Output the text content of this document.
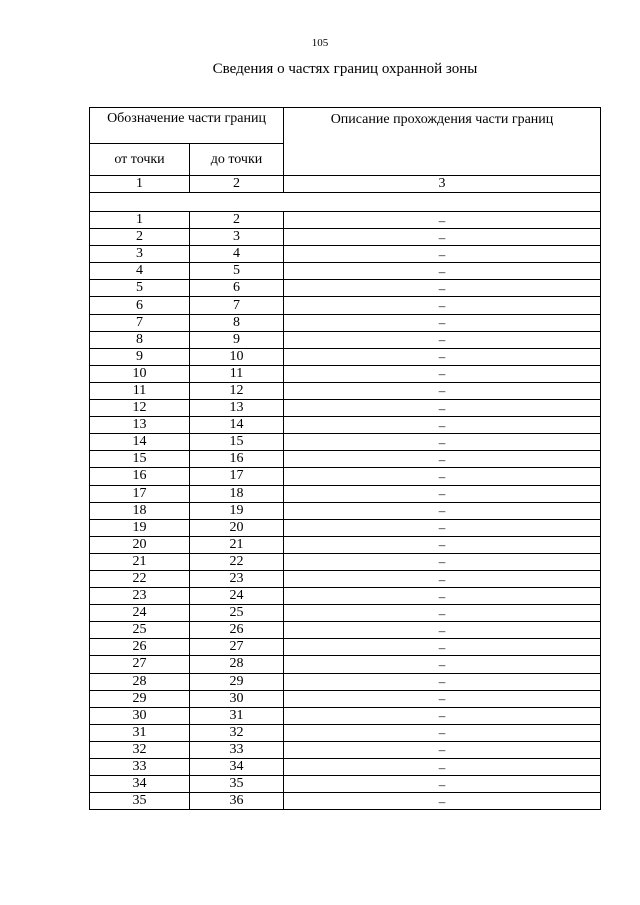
105
Сведения о частях границ охранной зоны
Обозначение части границ		Описание прохождения части границ
от точки	до точки	
1	2	3

1	2	–
2	3	–
3	4	–
4	5	–
5	6	–
6	7	–
7	8	–
8	9	–
9	10	–
10	11	–
11	12	–
12	13	–
13	14	–
14	15	–
15	16	–
16	17	–
17	18	–
18	19	–
19	20	–
20	21	–
21	22	–
22	23	–
23	24	–
24	25	–
25	26	–
26	27	–
27	28	–
28	29	–
29	30	–
30	31	–
31	32	–
32	33	–
33	34	–
34	35	–
35	36	–
